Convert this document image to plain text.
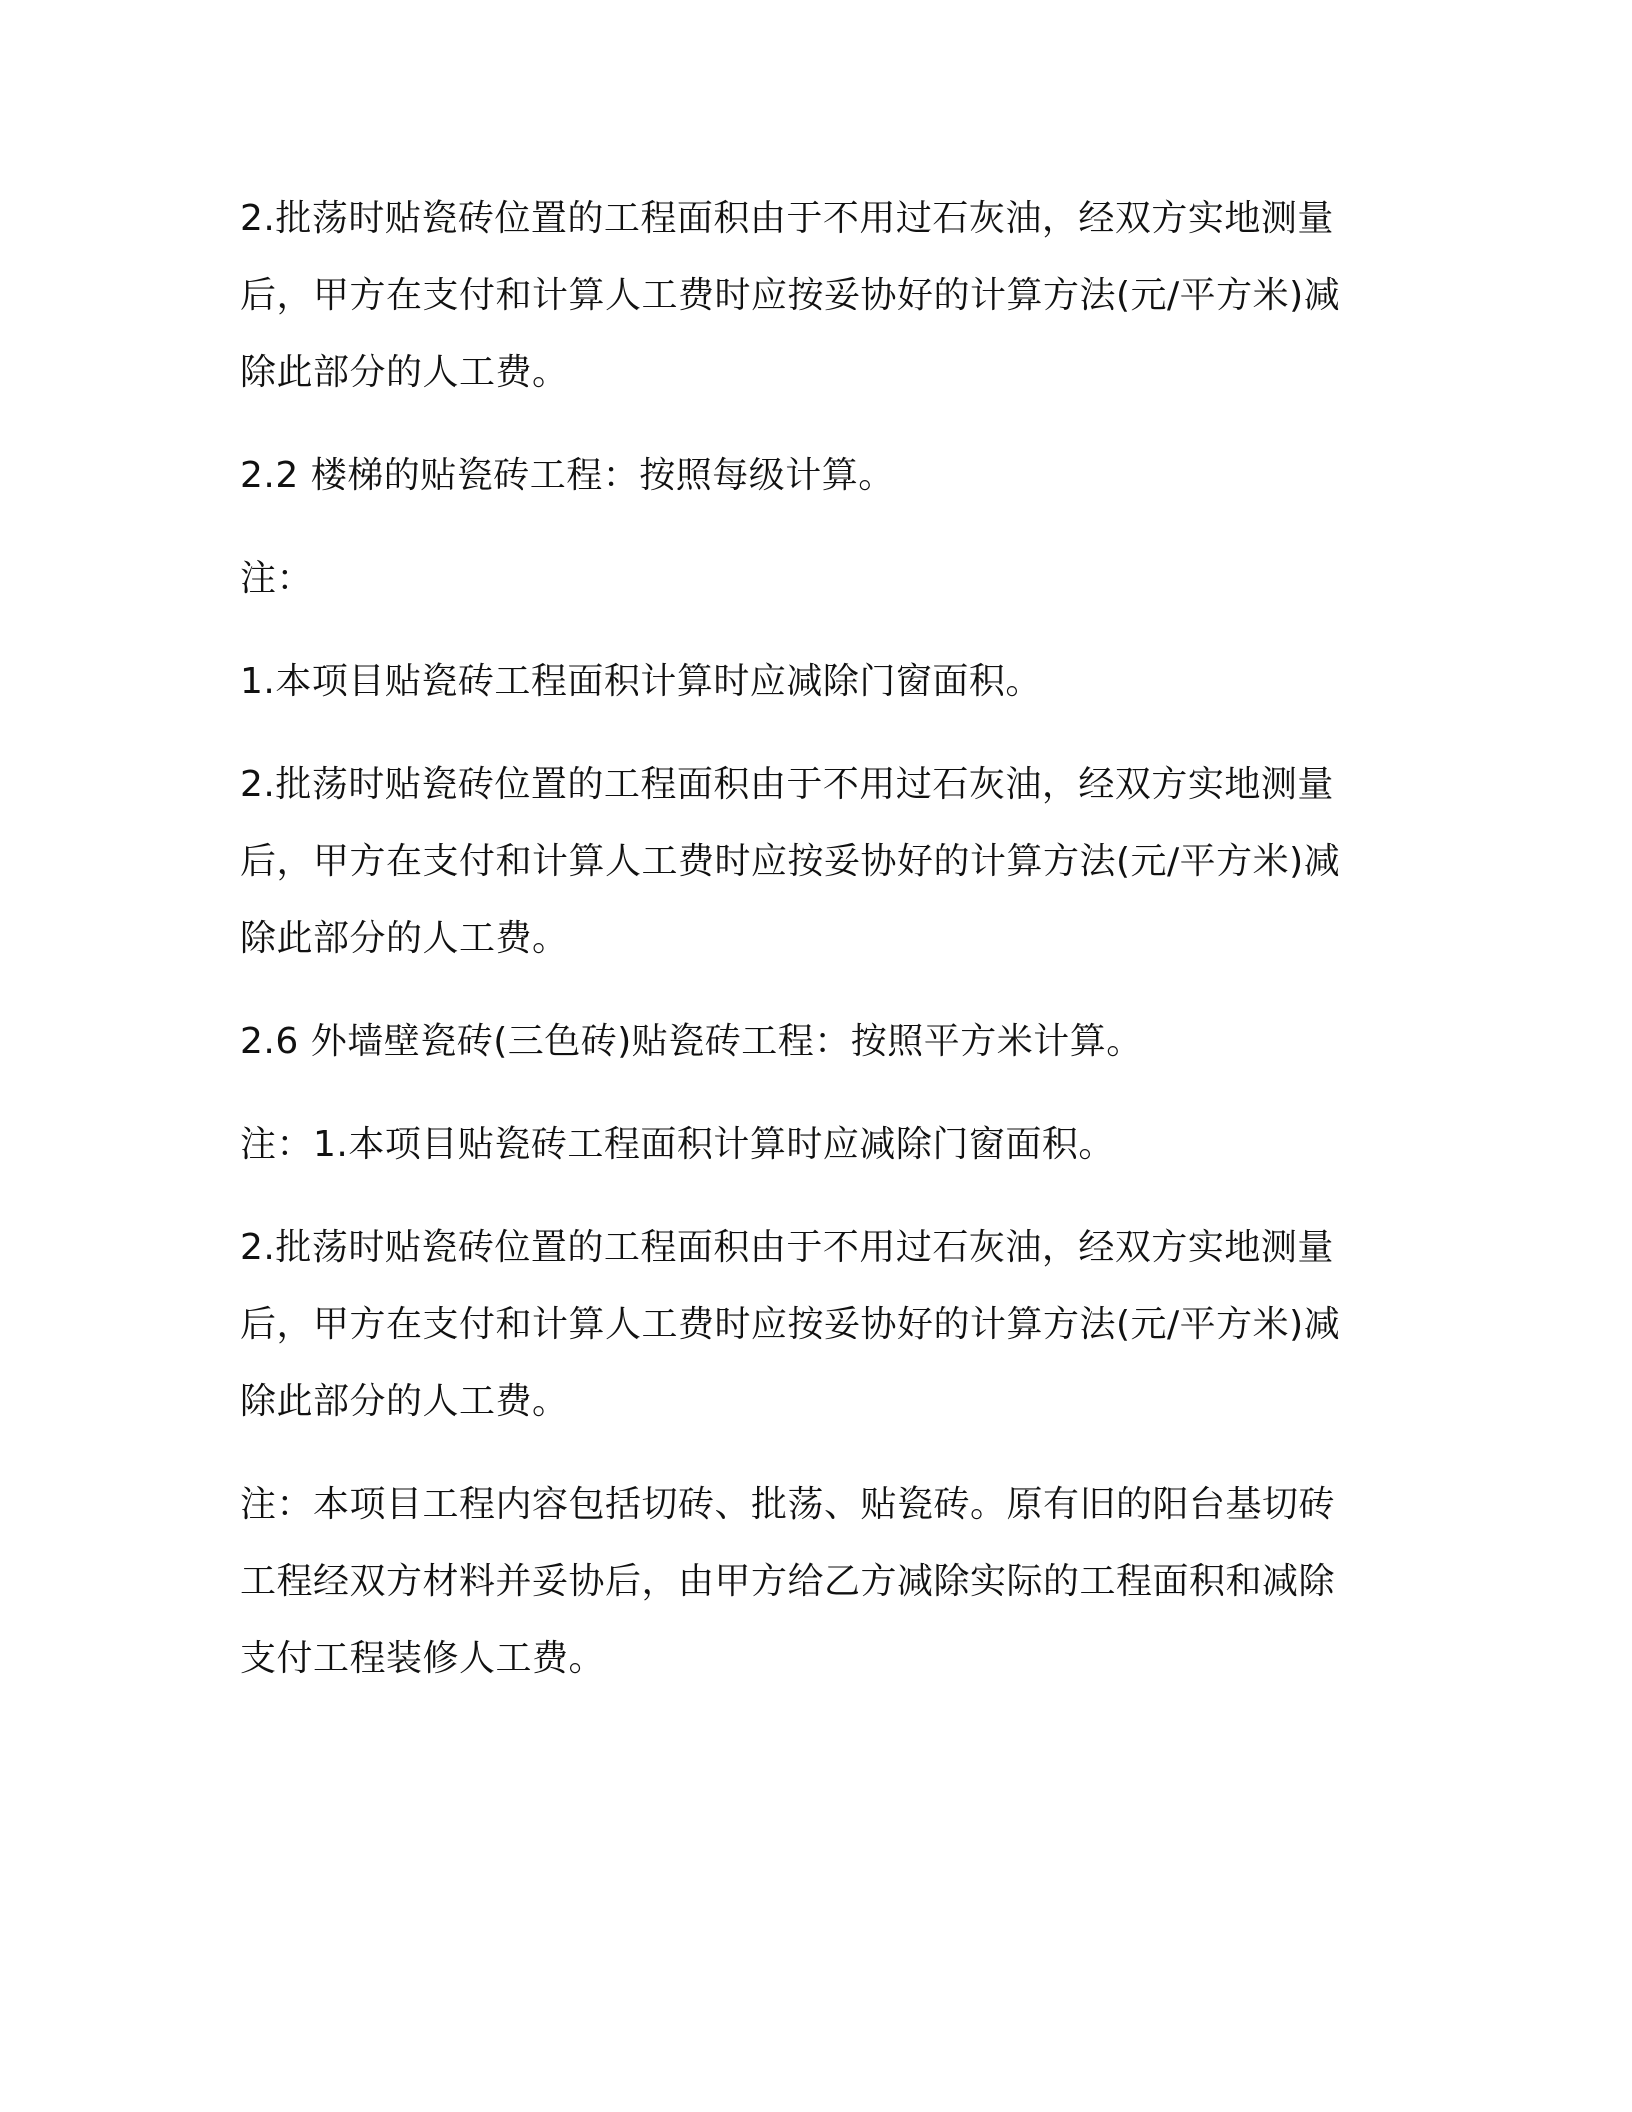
2.批荡时贴瓷砖位置的工程面积由于不用过石灰油，经双方实地测量
后，甲方在支付和计算人工费时应按妥协好的计算方法(元/平方米)减
除此部分的人工费。
2.2 楼梯的贴瓷砖工程：按照每级计算。
注：
1.本项目贴瓷砖工程面积计算时应减除门窗面积。
2.批荡时贴瓷砖位置的工程面积由于不用过石灰油，经双方实地测量
后，甲方在支付和计算人工费时应按妥协好的计算方法(元/平方米)减
除此部分的人工费。
2.6 外墙壁瓷砖(三色砖)贴瓷砖工程：按照平方米计算。
注：1.本项目贴瓷砖工程面积计算时应减除门窗面积。
2.批荡时贴瓷砖位置的工程面积由于不用过石灰油，经双方实地测量
后，甲方在支付和计算人工费时应按妥协好的计算方法(元/平方米)减
除此部分的人工费。
注：本项目工程内容包括切砖、批荡、贴瓷砖。原有旧的阳台基切砖
工程经双方材料并妥协后，由甲方给乙方减除实际的工程面积和减除
支付工程装修人工费。
